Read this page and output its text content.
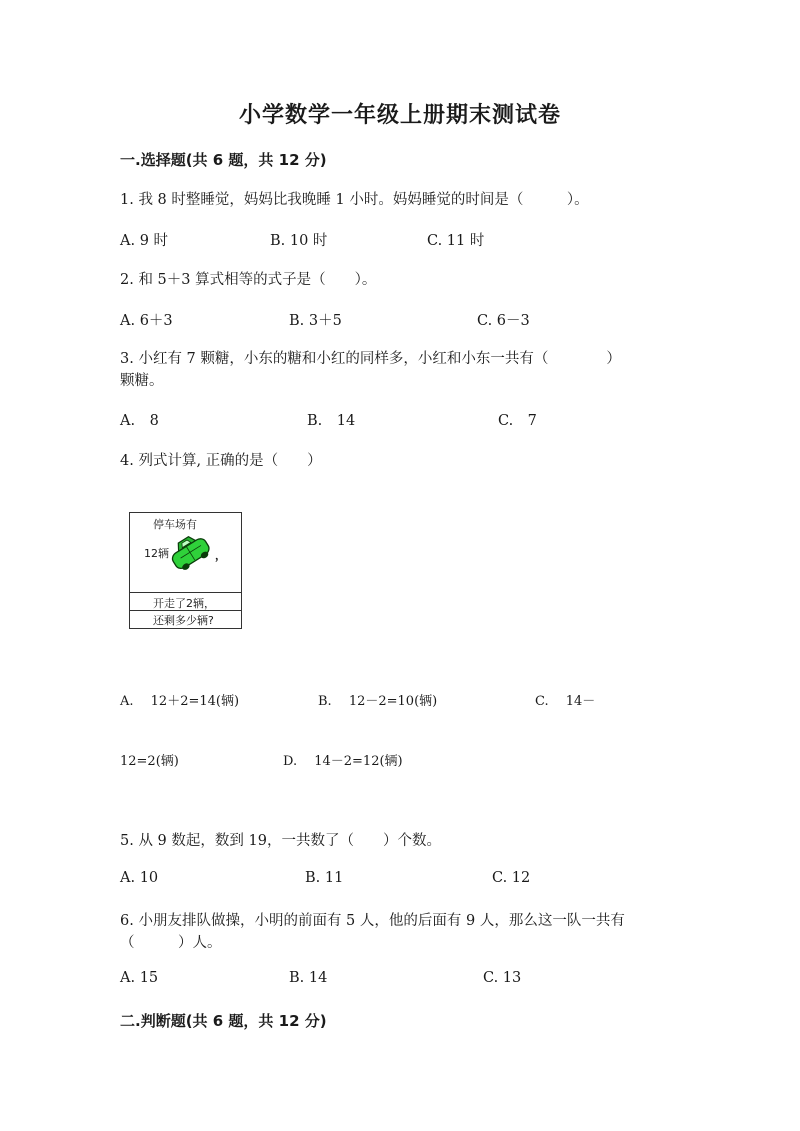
小学数学一年级上册期末测试卷
一.选择题(共 6 题，共 12 分)
1. 我 8 时整睡觉，妈妈比我晚睡 1 小时。妈妈睡觉的时间是（　　　）。
A. 9 时	B. 10 时	C. 11 时
2. 和 5＋3 算式相等的式子是（　　）。
A. 6＋3	B. 3＋5	C. 6－3
3. 小红有 7 颗糖，小东的糖和小红的同样多，小红和小东一共有（　　　　）
颗糖。
A.　8	B.　14	C.　7
4. 列式计算, 正确的是（　　）
停车场有
12辆	，
开走了2辆，
还剩多少辆?
A.　 12＋2=14(辆)	B.　 12－2=10(辆)	C.　 14－
12=2(辆)	D.　 14－2=12(辆)
5. 从 9 数起，数到 19，一共数了（　　）个数。
A. 10	B. 11	C. 12
6. 小朋友排队做操，小明的前面有 5 人，他的后面有 9 人，那么这一队一共有
（　　　）人。
A. 15	B. 14	C. 13
二.判断题(共 6 题，共 12 分)
